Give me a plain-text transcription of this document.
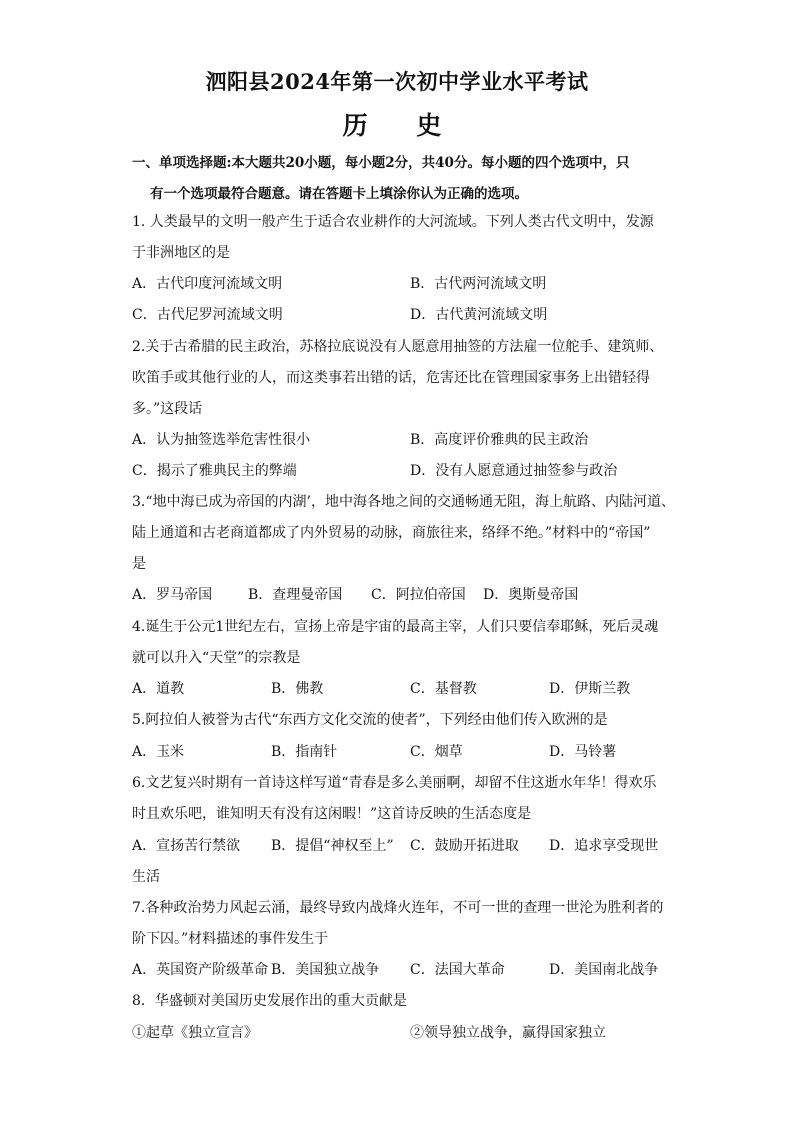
泗阳县2024年第一次初中学业水平考试
历 史
一、单项选择题:本大题共20小题，每小题2分，共40分。每小题的四个选项中，只
有一个选项最符合题意。请在答题卡上填涂你认为正确的选项。
1. 人类最早的文明一般产生于适合农业耕作的大河流域。下列人类古代文明中，发源
于非洲地区的是
A．古代印度河流域文明	B．古代两河流域文明
C．古代尼罗河流域文明	D．古代黄河流域文明
2.关于古希腊的民主政治，苏格拉底说没有人愿意用抽签的方法雇一位舵手、建筑师、
吹笛手或其他行业的人，而这类事若出错的话，危害还比在管理国家事务上出错轻得
多。”这段话
A．认为抽签选举危害性很小	B．高度评价雅典的民主政治
C．揭示了雅典民主的弊端	D．没有人愿意通过抽签参与政治
3.“地中海已成为帝国的内湖’，地中海各地之间的交通畅通无阻，海上航路、内陆河道、
陆上通道和古老商道都成了内外贸易的动脉，商旅往来，络绎不绝。”材料中的“帝国”
是
A．罗马帝国	B．查理曼帝国 C．阿拉伯帝国 D．奥斯曼帝国
4.诞生于公元1世纪左右，宣扬上帝是宇宙的最高主宰，人们只要信奉耶稣，死后灵魂
就可以升入“天堂”的宗教是
A．道教	B．佛教	C．基督教	D．伊斯兰教
5.阿拉伯人被誉为古代“东西方文化交流的使者”，下列经由他们传入欧洲的是
A．玉米	B．指南针	C．烟草	D．马铃薯
6.文艺复兴时期有一首诗这样写道“青春是多么美丽啊，却留不住这逝水年华！得欢乐
时且欢乐吧，谁知明天有没有这闲暇！”这首诗反映的生活态度是
A．宣扬苦行禁欲 B．提倡“神权至上” C．鼓励开拓进取 D．追求享受现世
生活
7.各种政治势力风起云涌，最终导致内战烽火连年，不可一世的查理一世沦为胜利者的
阶下囚。”材料描述的事件发生于
A．英国资产阶级革命 B．美国独立战争 C．法国大革命	D．美国南北战争
8．华盛顿对美国历史发展作出的重大贡献是
①起草《独立宣言》	②领导独立战争，赢得国家独立
